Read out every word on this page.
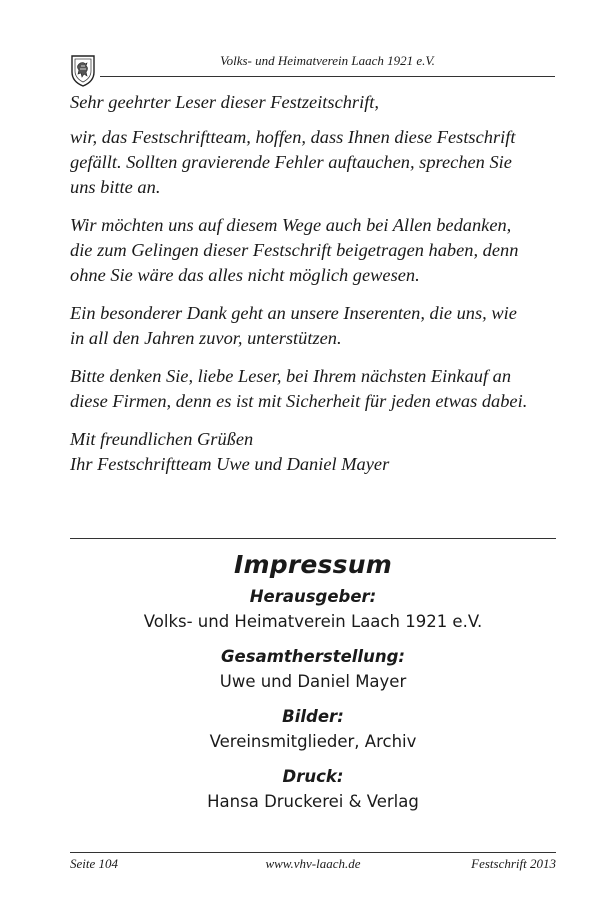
Volks- und Heimatverein Laach 1921 e.V.

Sehr geehrter Leser dieser Festzeitschrift,

wir, das Festschriftteam, hoffen, dass Ihnen diese Festschrift
gefällt. Sollten gravierende Fehler auftauchen, sprechen Sie
uns bitte an.

Wir möchten uns auf diesem Wege auch bei Allen bedanken,
die zum Gelingen dieser Festschrift beigetragen haben, denn
ohne Sie wäre das alles nicht möglich gewesen.

Ein besonderer Dank geht an unsere Inserenten, die uns, wie
in all den Jahren zuvor, unterstützen.

Bitte denken Sie, liebe Leser, bei Ihrem nächsten Einkauf an
diese Firmen, denn es ist mit Sicherheit für jeden etwas dabei.

Mit freundlichen Grüßen
Ihr Festschriftteam Uwe und Daniel Mayer

Impressum
Herausgeber:
Volks- und Heimatverein Laach 1921 e.V.
Gesamtherstellung:
Uwe und Daniel Mayer
Bilder:
Vereinsmitglieder, Archiv
Druck:
Hansa Druckerei & Verlag
www.vhv-laach.de
Seite 104	Festschrift 2013
